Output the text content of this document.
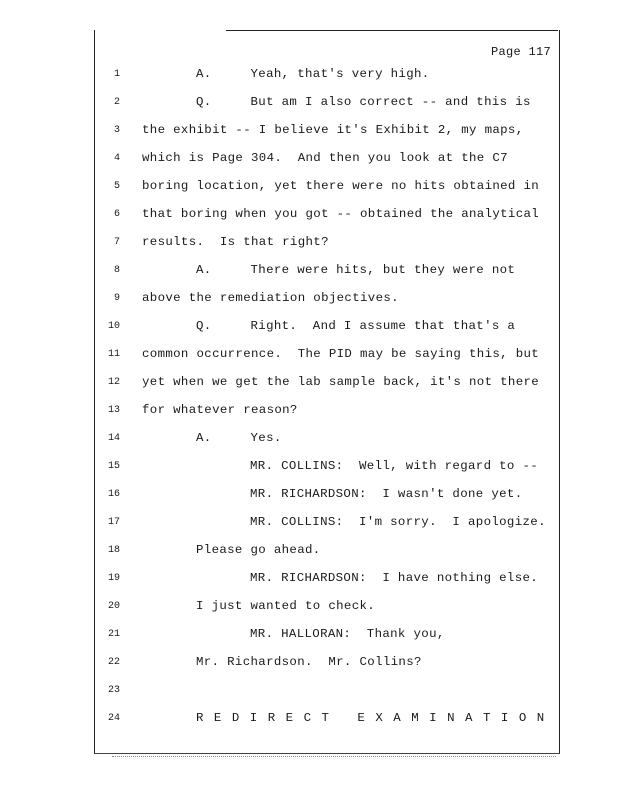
Page 117
1	A.     Yeah, that's very high.
2	Q.     But am I also correct -- and this is
3 the exhibit -- I believe it's Exhibit 2, my maps,
4 which is Page 304.  And then you look at the C7
5 boring location, yet there were no hits obtained in
6 that boring when you got -- obtained the analytical
7 results.  Is that right?
8	A.     There were hits, but they were not
9 above the remediation objectives.
10	Q.     Right.  And I assume that that's a
11 common occurrence.  The PID may be saying this, but
12 yet when we get the lab sample back, it's not there
13 for whatever reason?
14	A.     Yes.
15	MR. COLLINS:  Well, with regard to --
16	MR. RICHARDSON:  I wasn't done yet.
17	MR. COLLINS:  I'm sorry.  I apologize.
18	Please go ahead.
19	MR. RICHARDSON:  I have nothing else.
20	I just wanted to check.
21	MR. HALLORAN:  Thank you,
22	Mr. Richardson.  Mr. Collins?
23
24	REDIRECT EXAMINATION
